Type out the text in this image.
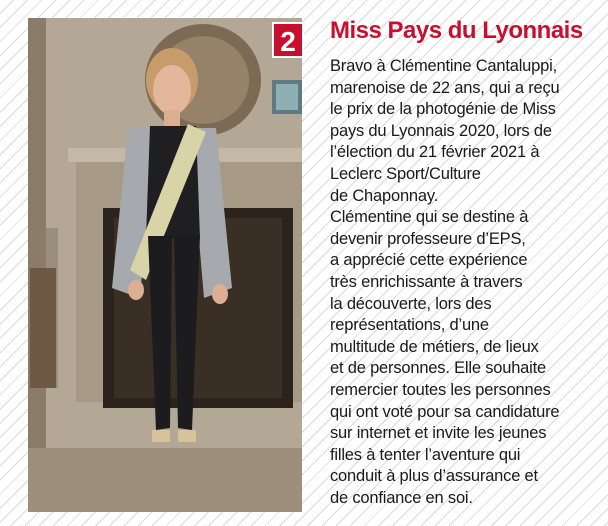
2	Miss Pays du Lyonnais

Bravo à Clémentine Cantaluppi,

marenoise de 22 ans, qui a reçu

le prix de la photogénie de Miss

pays du Lyonnais 2020, lors de

l’élection du 21 février 2021 à

Leclerc Sport/Culture

de Chaponnay.

Clémentine qui se destine à

devenir professeure d’EPS,

a apprécié cette expérience

très enrichissante à travers

la découverte, lors des

représentations, d’une

multitude de métiers, de lieux

et de personnes. Elle souhaite

remercier toutes les personnes

qui ont voté pour sa candidature

sur internet et invite les jeunes

filles à tenter l’aventure qui

conduit à plus d’assurance et

de confiance en soi.
